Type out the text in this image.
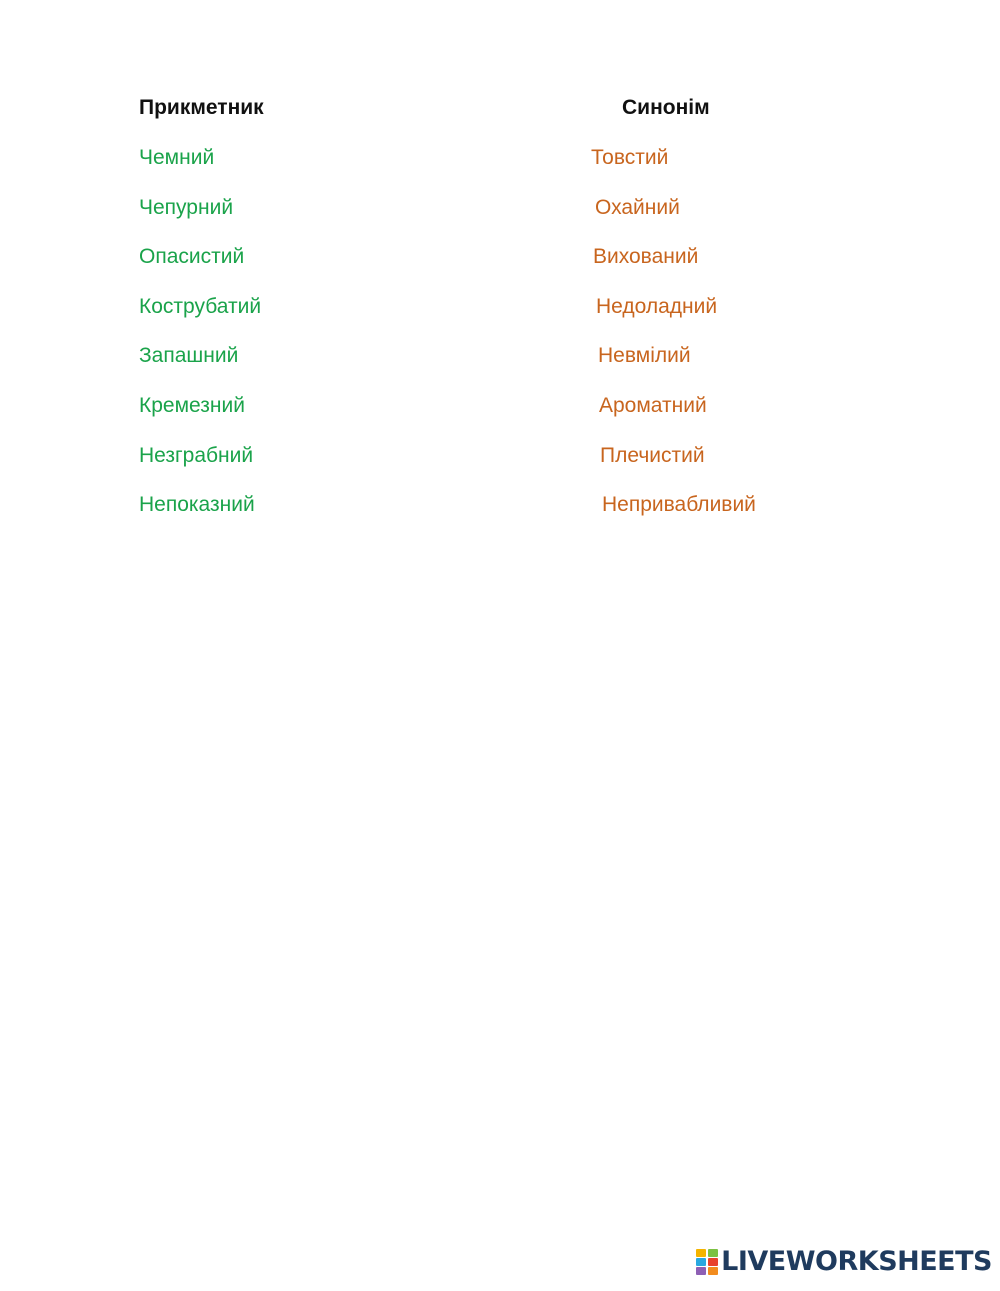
Прикметник	Синонім
Чемний
Чепурний
Опасистий
Кострубатий
Запашний
Кремезний
Незграбний
Непоказний
Товстий
Охайний
Вихований
Недоладний
Невмілий
Ароматний
Плечистий
Непривабливий
LIVEWORKSHEETS
